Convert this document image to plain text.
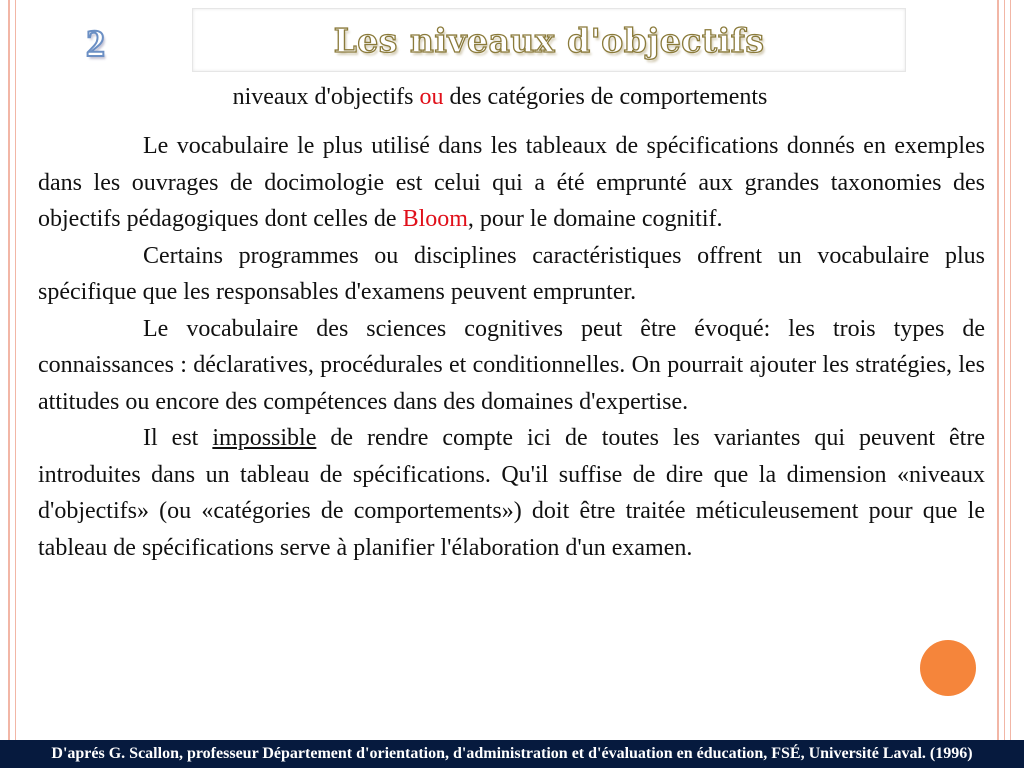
2	Les niveaux d'objectifs
niveaux d'objectifs ou des catégories de comportements

Le vocabulaire le plus utilisé dans les tableaux de spécifications donnés en exemples dans les ouvrages de docimologie est celui qui a été emprunté aux grandes taxonomies des objectifs pédagogiques dont celles de Bloom, pour le domaine cognitif.

Certains programmes ou disciplines caractéristiques offrent un vocabulaire plus spécifique que les responsables d'examens peuvent emprunter.

Le vocabulaire des sciences cognitives peut être évoqué: les trois types de connaissances : déclaratives, procédurales et conditionnelles. On pourrait ajouter les stratégies, les attitudes ou encore des compétences dans des domaines d'expertise.

Il est impossible de rendre compte ici de toutes les variantes qui peuvent être introduites dans un tableau de spécifications. Qu'il suffise de dire que la dimension «niveaux d'objectifs» (ou «catégories de comportements») doit être traitée méticuleusement pour que le tableau de spécifications serve à planifier l'élaboration d'un examen.

D'aprés G. Scallon, professeur Département d'orientation, d'administration et d'évaluation en éducation, FSÉ, Université Laval. (1996)
